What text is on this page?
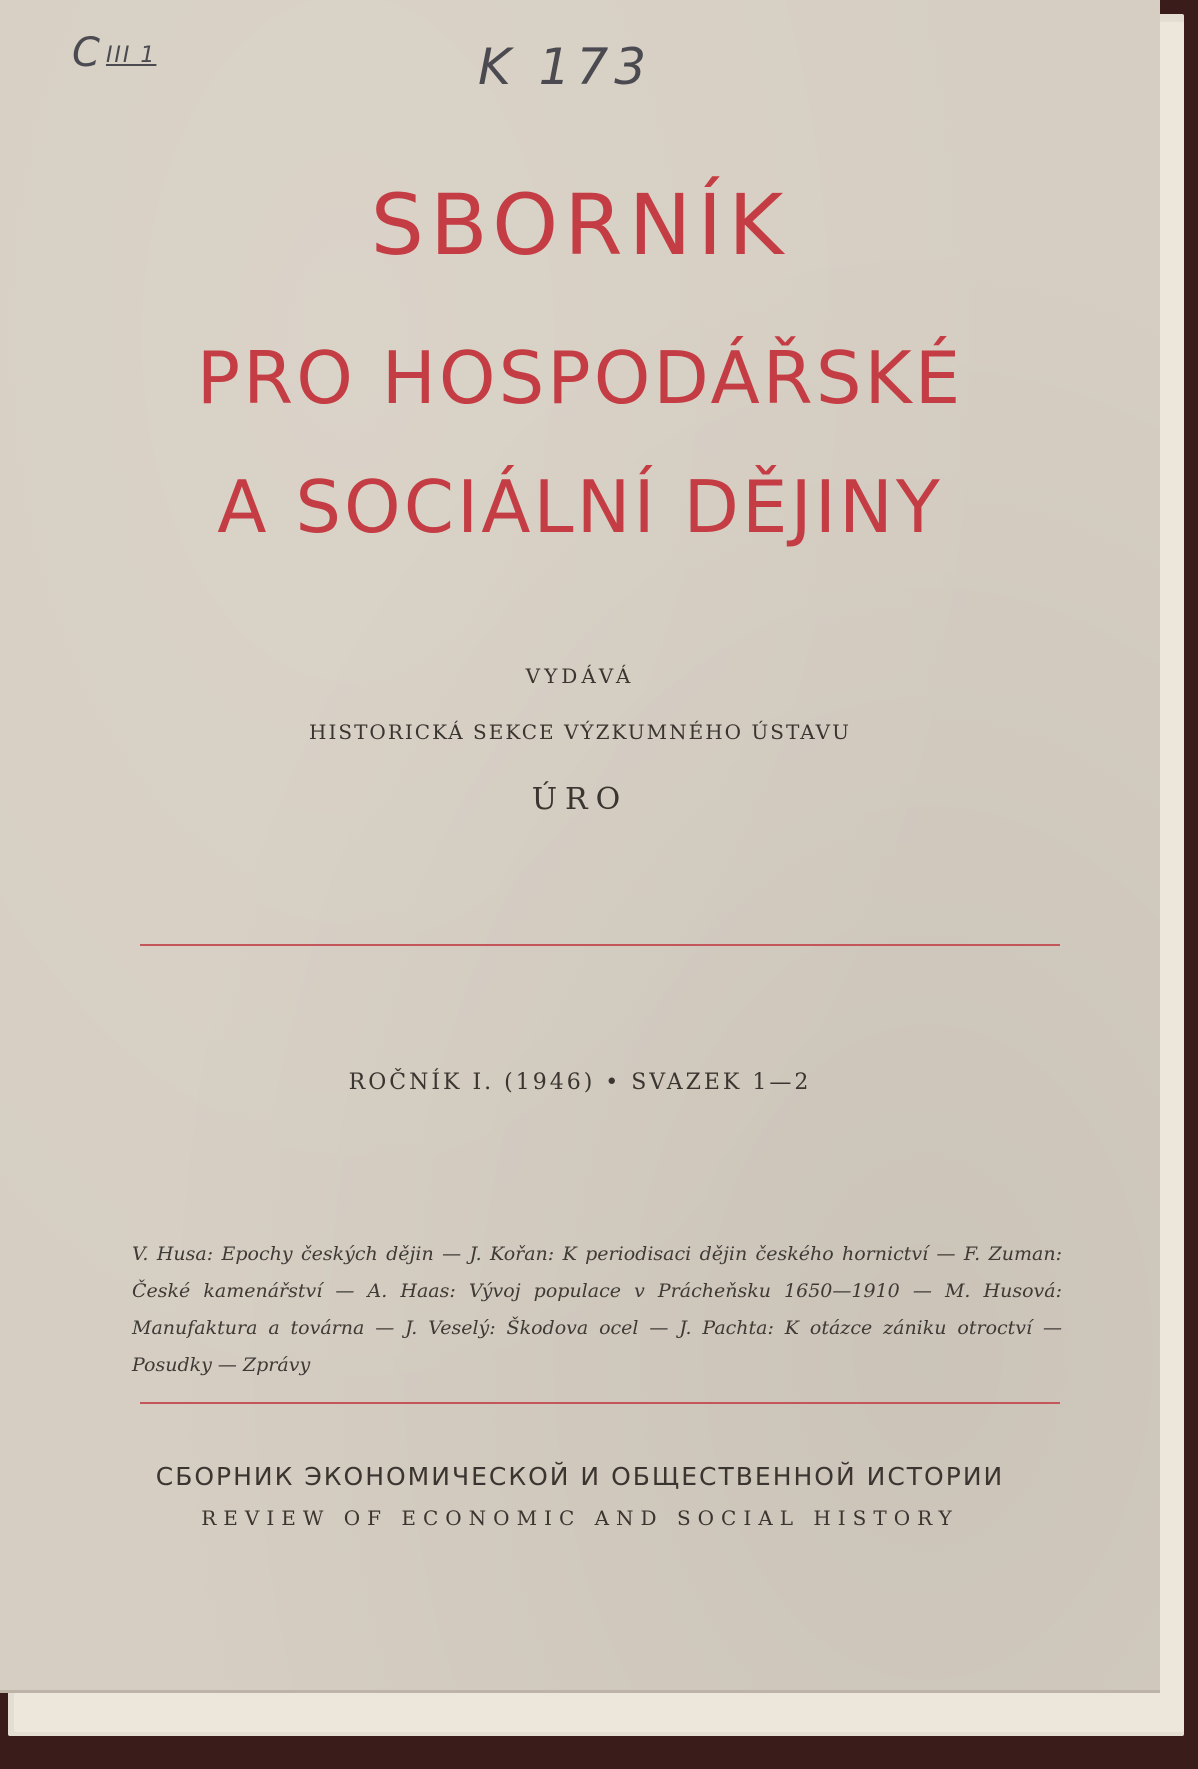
CIII 1	K 173
SBORNÍK
PRO HOSPODÁŘSKÉ
A SOCIÁLNÍ DĚJINY
VYDÁVÁ
HISTORICKÁ SEKCE VÝZKUMNÉHO ÚSTAVU
ÚRO
ROČNÍK I. (1946) • SVAZEK 1—2
V. Husa: Epochy českých dějin — J. Kořan: K periodisaci dějin českého hornictví — F. Zuman: České kamenářství — A. Haas: Vývoj populace v Prácheňsku 1650—1910 — M. Husová: Manufaktura a továrna — J. Veselý: Škodova ocel — J. Pachta: K otázce zániku otroctví — Posudky — Zprávy
СБОРНИК ЭКОНОМИЧЕСКОЙ И ОБЩЕСТВЕННОЙ ИСТОРИИ
REVIEW OF ECONOMIC AND SOCIAL HISTORY
